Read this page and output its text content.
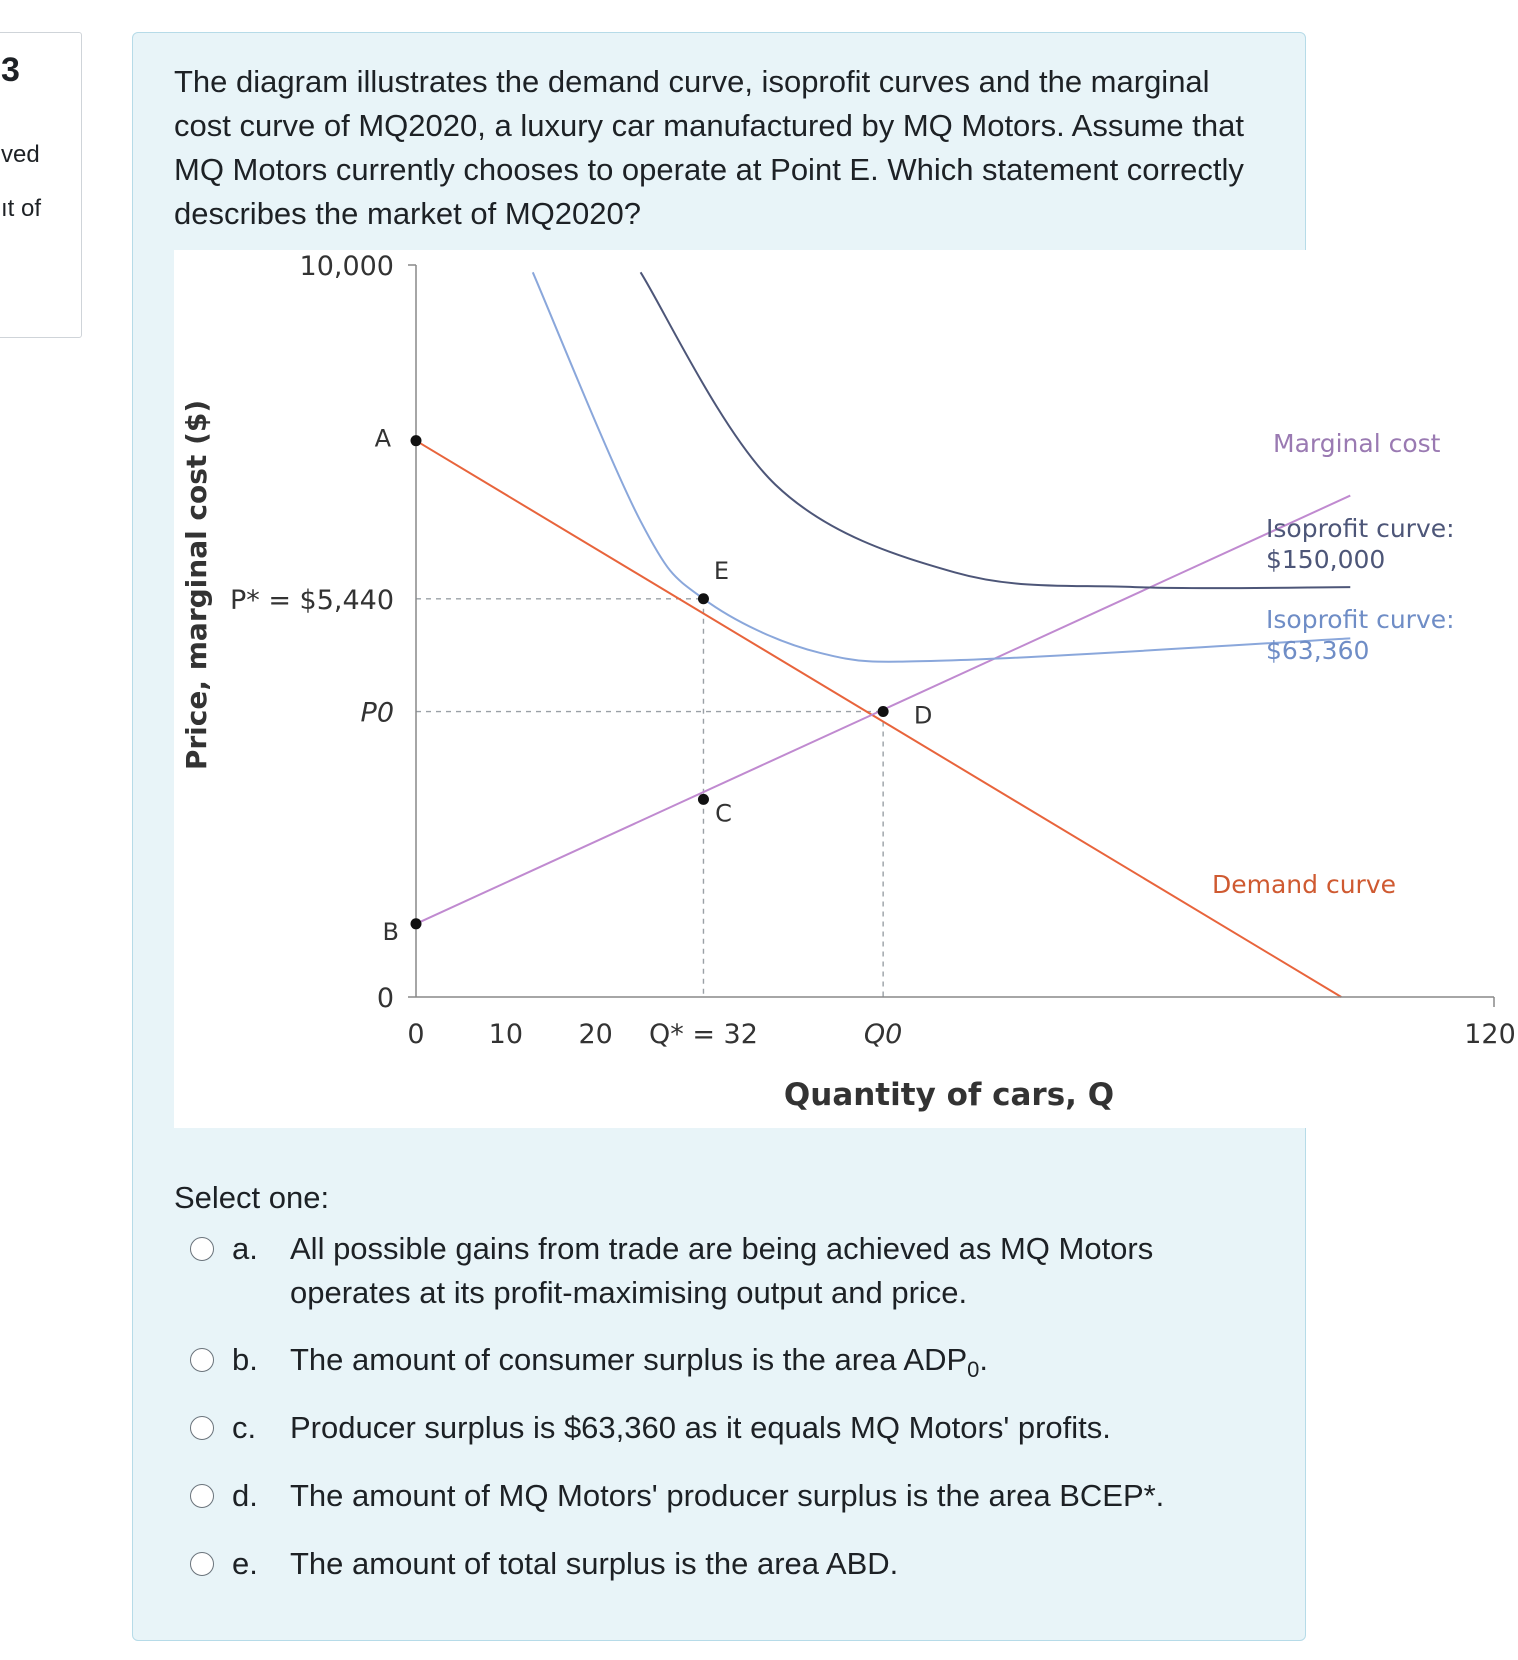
3
ved
ıt of
The diagram illustrates the demand curve, isoprofit curves and the marginal cost curve of MQ2020, a luxury car manufactured by MQ Motors. Assume that MQ Motors currently chooses to operate at Point E. Which statement correctly describes the market of MQ2020?
10,000
P* = $5,440
P0
0
0 10 20 Q* = 32	Q0	120
Quantity of cars, Q
Price, marginal cost ($)	A
E
D
C
B
Marginal cost
Isoprofit curve:
$150,000
Isoprofit curve:
$63,360
Demand curve
Select one:
a. All possible gains from trade are being achieved as MQ Motors operates at its profit-maximising output and price.
b. The amount of consumer surplus is the area $ADP_0$.
c. Producer surplus is $63,360 as it equals MQ Motors' profits.
d. The amount of MQ Motors' producer surplus is the area BCEP*.
e. The amount of total surplus is the area ABD.
